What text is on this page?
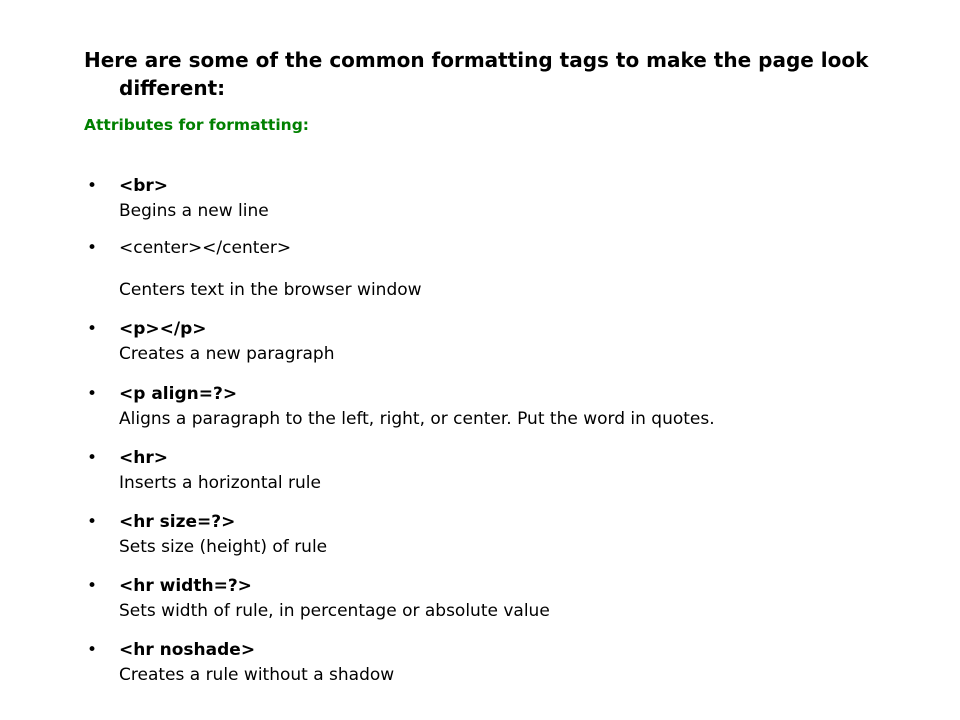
Here are some of the common formatting tags to make the page look different:

Attributes for formatting:

• <br>
Begins a new line
• <center></center>
Centers text in the browser window
• <p></p>
Creates a new paragraph
• <p align=?>
Aligns a paragraph to the left, right, or center. Put the word in quotes.
• <hr>
Inserts a horizontal rule
• <hr size=?>
Sets size (height) of rule
• <hr width=?>
Sets width of rule, in percentage or absolute value
• <hr noshade>
Creates a rule without a shadow
